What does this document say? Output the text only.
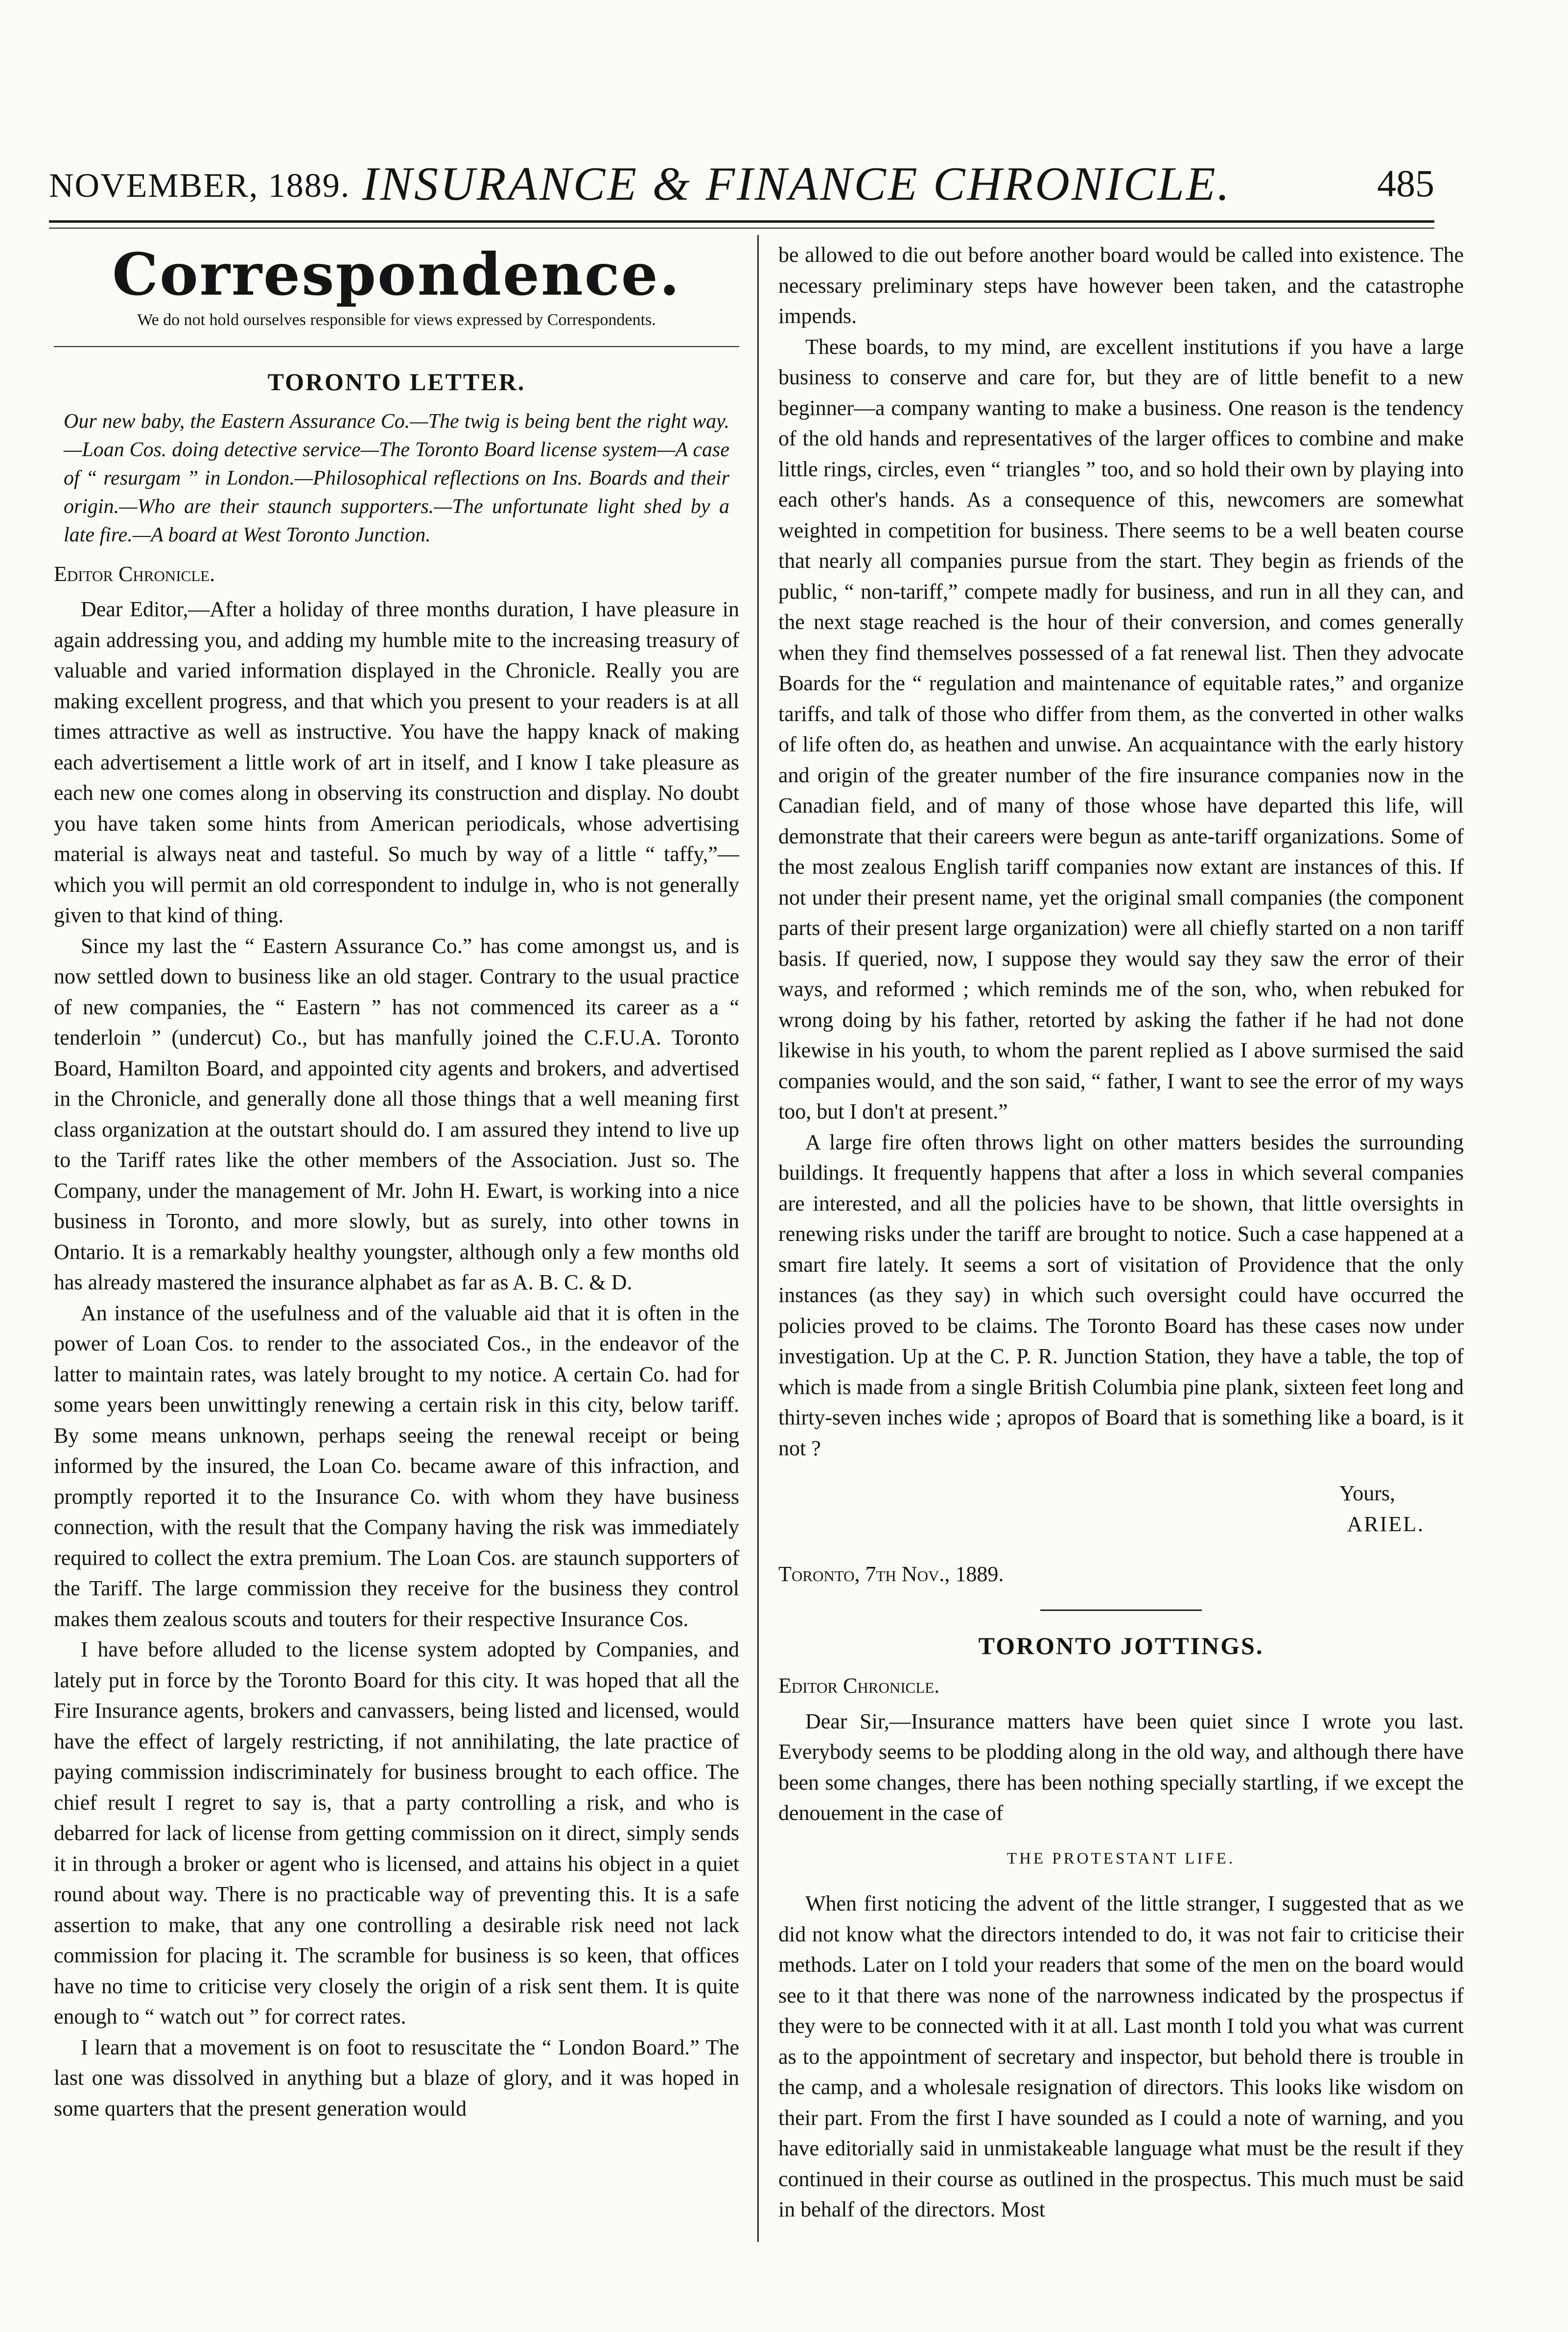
NOVEMBER, 1889. INSURANCE & FINANCE CHRONICLE.	485
Correspondence.
We do not hold ourselves responsible for views expressed by Correspondents.
TORONTO LETTER.
Our new baby, the Eastern Assurance Co.—The twig is being bent the right way.—Loan Cos. doing detective service—The Toronto Board license system—A case of “ resurgam ” in London.—Philosophical reflections on Ins. Boards and their origin.—Who are their staunch supporters.—The unfortunate light shed by a late fire.—A board at West Toronto Junction.
Editor Chronicle.

Dear Editor,—After a holiday of three months duration, I have pleasure in again addressing you, and adding my humble mite to the increasing treasury of valuable and varied information displayed in the Chronicle. Really you are making excellent progress, and that which you present to your readers is at all times attractive as well as instructive. You have the happy knack of making each advertisement a little work of art in itself, and I know I take pleasure as each new one comes along in observing its construction and display. No doubt you have taken some hints from American periodicals, whose advertising material is always neat and tasteful. So much by way of a little “ taffy,”—which you will permit an old correspondent to indulge in, who is not generally given to that kind of thing.

Since my last the “ Eastern Assurance Co.” has come amongst us, and is now settled down to business like an old stager. Contrary to the usual practice of new companies, the “ Eastern ” has not commenced its career as a “ tenderloin ” (undercut) Co., but has manfully joined the C.F.U.A. Toronto Board, Hamilton Board, and appointed city agents and brokers, and advertised in the Chronicle, and generally done all those things that a well meaning first class organization at the outstart should do. I am assured they intend to live up to the Tariff rates like the other members of the Association. Just so. The Company, under the management of Mr. John H. Ewart, is working into a nice business in Toronto, and more slowly, but as surely, into other towns in Ontario. It is a remarkably healthy youngster, although only a few months old has already mastered the insurance alphabet as far as A. B. C. & D.

An instance of the usefulness and of the valuable aid that it is often in the power of Loan Cos. to render to the associated Cos., in the endeavor of the latter to maintain rates, was lately brought to my notice. A certain Co. had for some years been unwittingly renewing a certain risk in this city, below tariff. By some means unknown, perhaps seeing the renewal receipt or being informed by the insured, the Loan Co. became aware of this infraction, and promptly reported it to the Insurance Co. with whom they have business connection, with the result that the Company having the risk was immediately required to collect the extra premium. The Loan Cos. are staunch supporters of the Tariff. The large commission they receive for the business they control makes them zealous scouts and touters for their respective Insurance Cos.

I have before alluded to the license system adopted by Companies, and lately put in force by the Toronto Board for this city. It was hoped that all the Fire Insurance agents, brokers and canvassers, being listed and licensed, would have the effect of largely restricting, if not annihilating, the late practice of paying commission indiscriminately for business brought to each office. The chief result I regret to say is, that a party controlling a risk, and who is debarred for lack of license from getting commission on it direct, simply sends it in through a broker or agent who is licensed, and attains his object in a quiet round about way. There is no practicable way of preventing this. It is a safe assertion to make, that any one controlling a desirable risk need not lack commission for placing it. The scramble for business is so keen, that offices have no time to criticise very closely the origin of a risk sent them. It is quite enough to “ watch out ” for correct rates.

I learn that a movement is on foot to resuscitate the “ London Board.” The last one was dissolved in anything but a blaze of glory, and it was hoped in some quarters that the present generation would

be allowed to die out before another board would be called into existence. The necessary preliminary steps have however been taken, and the catastrophe impends.

These boards, to my mind, are excellent institutions if you have a large business to conserve and care for, but they are of little benefit to a new beginner—a company wanting to make a business. One reason is the tendency of the old hands and representatives of the larger offices to combine and make little rings, circles, even “ triangles ” too, and so hold their own by playing into each other's hands. As a consequence of this, newcomers are somewhat weighted in competition for business. There seems to be a well beaten course that nearly all companies pursue from the start. They begin as friends of the public, “ non-tariff,” compete madly for business, and run in all they can, and the next stage reached is the hour of their conversion, and comes generally when they find themselves possessed of a fat renewal list. Then they advocate Boards for the “ regulation and maintenance of equitable rates,” and organize tariffs, and talk of those who differ from them, as the converted in other walks of life often do, as heathen and unwise. An acquaintance with the early history and origin of the greater number of the fire insurance companies now in the Canadian field, and of many of those whose have departed this life, will demonstrate that their careers were begun as ante-tariff organizations. Some of the most zealous English tariff companies now extant are instances of this. If not under their present name, yet the original small companies (the component parts of their present large organization) were all chiefly started on a non tariff basis. If queried, now, I suppose they would say they saw the error of their ways, and reformed ; which reminds me of the son, who, when rebuked for wrong doing by his father, retorted by asking the father if he had not done likewise in his youth, to whom the parent replied as I above surmised the said companies would, and the son said, “ father, I want to see the error of my ways too, but I don't at present.”

A large fire often throws light on other matters besides the surrounding buildings. It frequently happens that after a loss in which several companies are interested, and all the policies have to be shown, that little oversights in renewing risks under the tariff are brought to notice. Such a case happened at a smart fire lately. It seems a sort of visitation of Providence that the only instances (as they say) in which such oversight could have occurred the policies proved to be claims. The Toronto Board has these cases now under investigation. Up at the C. P. R. Junction Station, they have a table, the top of which is made from a single British Columbia pine plank, sixteen feet long and thirty-seven inches wide ; apropos of Board that is something like a board, is it not ?

Yours,
ARIEL.
Toronto, 7th Nov., 1889.
TORONTO JOTTINGS.
Editor Chronicle.

Dear Sir,—Insurance matters have been quiet since I wrote you last. Everybody seems to be plodding along in the old way, and although there have been some changes, there has been nothing specially startling, if we except the denouement in the case of

THE PROTESTANT LIFE.

When first noticing the advent of the little stranger, I suggested that as we did not know what the directors intended to do, it was not fair to criticise their methods. Later on I told your readers that some of the men on the board would see to it that there was none of the narrowness indicated by the prospectus if they were to be connected with it at all. Last month I told you what was current as to the appointment of secretary and inspector, but behold there is trouble in the camp, and a wholesale resignation of directors. This looks like wisdom on their part. From the first I have sounded as I could a note of warning, and you have editorially said in unmistakeable language what must be the result if they continued in their course as outlined in the prospectus. This much must be said in behalf of the directors. Most
